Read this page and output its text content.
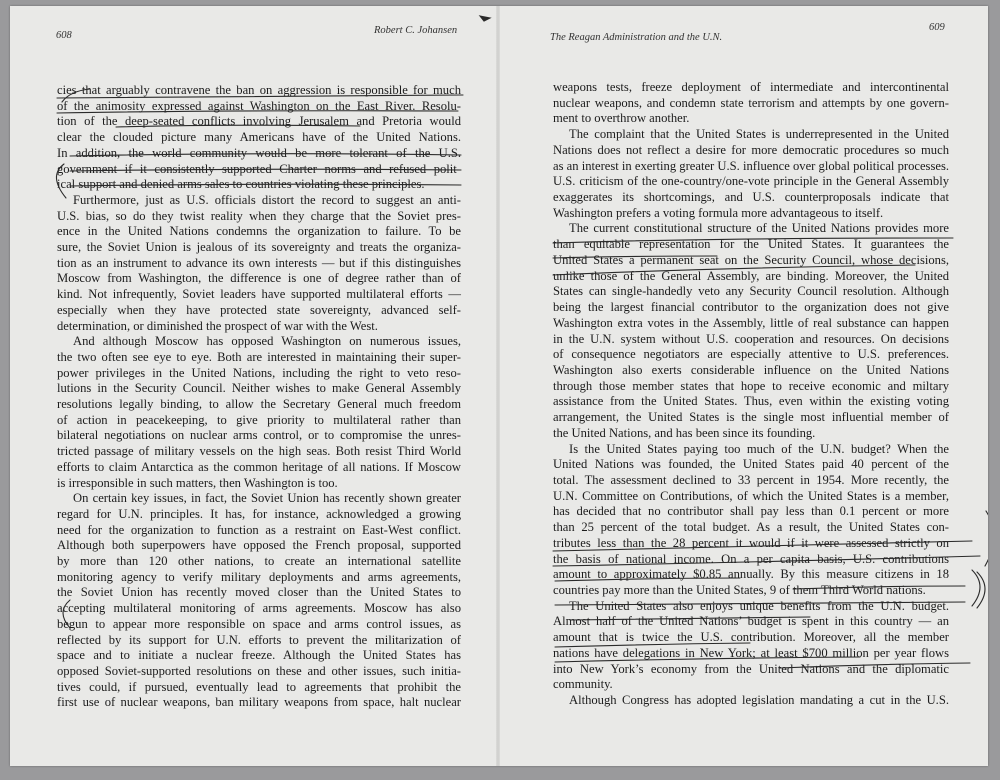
608	Robert C. Johansen
cies that arguably contravene the ban on aggression is responsible for much
of the animosity expressed against Washington on the East River. Resolu-
tion of the deep-seated conflicts involving Jerusalem and Pretoria would
clear the clouded picture many Americans have of the United Nations.
In addition, the world community would be more tolerant of the U.S.
government if it consistently supported Charter norms and refused polit-
ical support and denied arms sales to countries violating these principles.
Furthermore, just as U.S. officials distort the record to suggest an anti-
U.S. bias, so do they twist reality when they charge that the Soviet pres-
ence in the United Nations condemns the organization to failure. To be
sure, the Soviet Union is jealous of its sovereignty and treats the organiza-
tion as an instrument to advance its own interests — but if this distinguishes
Moscow from Washington, the difference is one of degree rather than of
kind. Not infrequently, Soviet leaders have supported multilateral efforts —
especially when they have protected state sovereignty, advanced self-
determination, or diminished the prospect of war with the West.
And although Moscow has opposed Washington on numerous issues,
the two often see eye to eye. Both are interested in maintaining their super-
power privileges in the United Nations, including the right to veto reso-
lutions in the Security Council. Neither wishes to make General Assembly
resolutions legally binding, to allow the Secretary General much freedom
of action in peacekeeping, to give priority to multilateral rather than
bilateral negotiations on nuclear arms control, or to compromise the unres-
tricted passage of military vessels on the high seas. Both resist Third World
efforts to claim Antarctica as the common heritage of all nations. If Moscow
is irresponsible in such matters, then Washington is too.
On certain key issues, in fact, the Soviet Union has recently shown greater
regard for U.N. principles. It has, for instance, acknowledged a growing
need for the organization to function as a restraint on East-West conflict.
Although both superpowers have opposed the French proposal, supported
by more than 120 other nations, to create an international satellite
monitoring agency to verify military deployments and arms agreements,
the Soviet Union has recently moved closer than the United States to
accepting multilateral monitoring of arms agreements. Moscow has also
begun to appear more responsible on space and arms control issues, as
reflected by its support for U.N. efforts to prevent the militarization of
space and to initiate a nuclear freeze. Although the United States has
opposed Soviet-supported resolutions on these and other issues, such initia-
tives could, if pursued, eventually lead to agreements that prohibit the
first use of nuclear weapons, ban military weapons from space, halt nuclear
The Reagan Administration and the U.N.
609
weapons tests, freeze deployment of intermediate and intercontinental
nuclear weapons, and condemn state terrorism and attempts by one govern-
ment to overthrow another.
The complaint that the United States is underrepresented in the United
Nations does not reflect a desire for more democratic procedures so much
as an interest in exerting greater U.S. influence over global political processes.
U.S. criticism of the one-country/one-vote principle in the General Assembly
exaggerates its shortcomings, and U.S. counterproposals indicate that
Washington prefers a voting formula more advantageous to itself.
The current constitutional structure of the United Nations provides more
than equitable representation for the United States. It guarantees the
United States a permanent seat on the Security Council, whose decisions,
unlike those of the General Assembly, are binding. Moreover, the United
States can single-handedly veto any Security Council resolution. Although
being the largest financial contributor to the organization does not give
Washington extra votes in the Assembly, little of real substance can happen
in the U.N. system without U.S. cooperation and resources. On decisions
of consequence negotiators are especially attentive to U.S. preferences.
Washington also exerts considerable influence on the United Nations
through those member states that hope to receive economic and miltary
assistance from the United States. Thus, even within the existing voting
arrangement, the United States is the single most influential member of
the United Nations, and has been since its founding.
Is the United States paying too much of the U.N. budget? When the
United Nations was founded, the United States paid 40 percent of the
total. The assessment declined to 33 percent in 1954. More recently, the
U.N. Committee on Contributions, of which the United States is a member,
has decided that no contributor shall pay less than 0.1 percent or more
than 25 percent of the total budget. As a result, the United States con-
tributes less than the 28 percent it would if it were assessed strictly on
the basis of national income. On a per capita basis, U.S. contributions
amount to approximately $0.85 annually. By this measure citizens in 18
countries pay more than the United States, 9 of them Third World nations.
The United States also enjoys unique benefits from the U.N. budget.
Almost half of the United Nations’ budget is spent in this country — an
amount that is twice the U.S. contribution. Moreover, all the member
nations have delegations in New York; at least $700 million per year flows
into New York’s economy from the United Nations and the diplomatic
community.
Although Congress has adopted legislation mandating a cut in the U.S.
